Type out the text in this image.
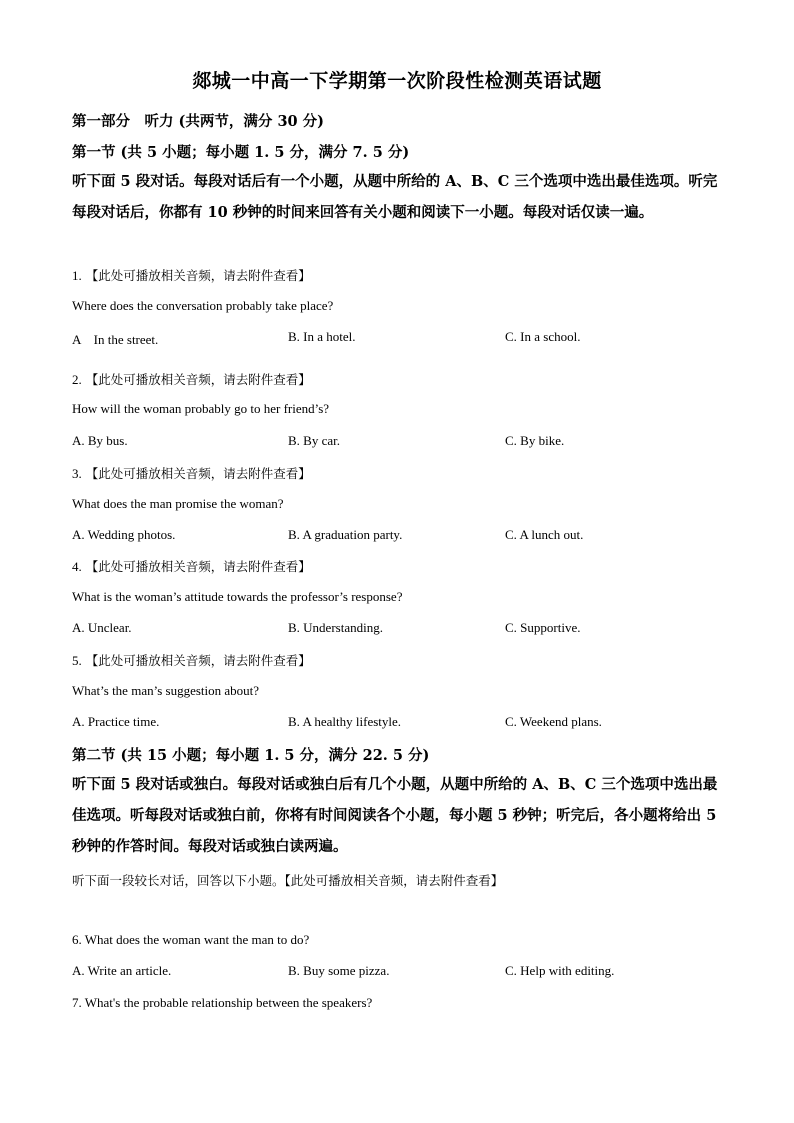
郯城一中高一下学期第一次阶段性检测英语试题
第一部分　听力 (共两节，满分 30 分)
第一节 (共 5 小题；每小题 1. 5 分，满分 7. 5 分)
听下面 5 段对话。每段对话后有一个小题，从题中所给的 A、B、C 三个选项中选出最佳选项。听完每段对话后，你都有 10 秒钟的时间来回答有关小题和阅读下一小题。每段对话仅读一遍。
1. 【此处可播放相关音频，请去附件查看】
Where does the conversation probably take place?
A　In the street.	B. In a hotel.	C. In a school.
2. 【此处可播放相关音频，请去附件查看】
How will the woman probably go to her friend’s?
A. By bus.	B. By car.	C. By bike.
3. 【此处可播放相关音频，请去附件查看】
What does the man promise the woman?
A. Wedding photos.	B. A graduation party.	C. A lunch out.
4. 【此处可播放相关音频，请去附件查看】
What is the woman’s attitude towards the professor’s response?
A. Unclear.	B. Understanding.	C. Supportive.
5. 【此处可播放相关音频，请去附件查看】
What’s the man’s suggestion about?
A. Practice time.	B. A healthy lifestyle.	C. Weekend plans.
第二节 (共 15 小题；每小题 1. 5 分，满分 22. 5 分)
听下面 5 段对话或独白。每段对话或独白后有几个小题，从题中所给的 A、B、C 三个选项中选出最佳选项。听每段对话或独白前，你将有时间阅读各个小题，每小题 5 秒钟；听完后，各小题将给出 5 秒钟的作答时间。每段对话或独白读两遍。
听下面一段较长对话，回答以下小题。【此处可播放相关音频，请去附件查看】
6. What does the woman want the man to do?
A. Write an article.	B. Buy some pizza.	C. Help with editing.
7. What's the probable relationship between the speakers?
